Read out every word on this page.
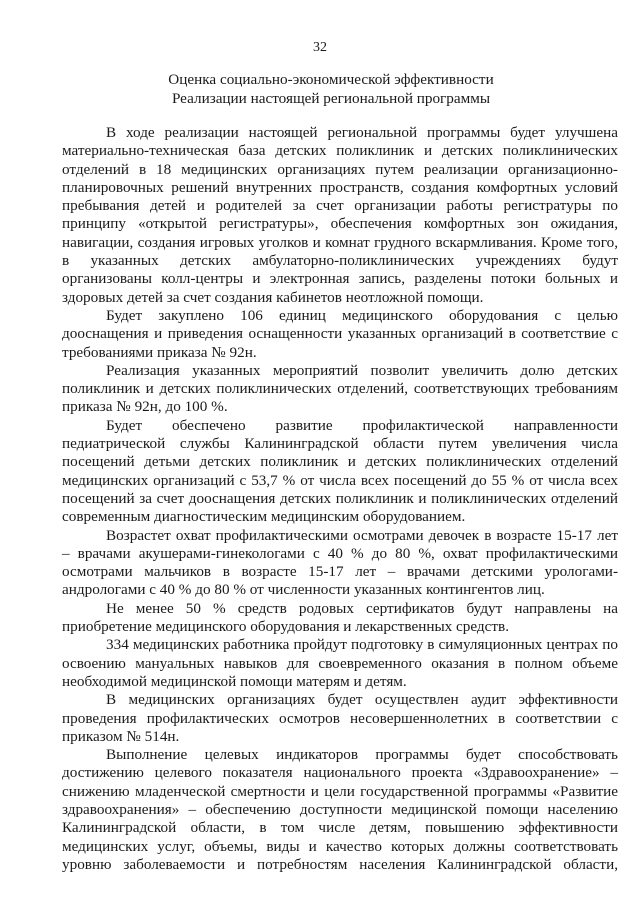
32
Оценка социально-экономической эффективности
Реализации настоящей региональной программы

В ходе реализации настоящей региональной программы будет улучшена материально-техническая база детских поликлиник и детских поликлинических отделений в 18 медицинских организациях путем реализации организационно-планировочных решений внутренних пространств, создания комфортных условий пребывания детей и родителей за счет организации работы регистратуры по принципу «открытой регистратуры», обеспечения комфортных зон ожидания, навигации, создания игровых уголков и комнат грудного вскармливания. Кроме того, в указанных детских амбулаторно-поликлинических учреждениях будут организованы колл-центры и электронная запись, разделены потоки больных и здоровых детей за счет создания кабинетов неотложной помощи.

Будет закуплено 106 единиц медицинского оборудования с целью дооснащения и приведения оснащенности указанных организаций в соответствие с требованиями приказа № 92н.

Реализация указанных мероприятий позволит увеличить долю детских поликлиник и детских поликлинических отделений, соответствующих требованиям приказа № 92н, до 100 %.

Будет обеспечено развитие профилактической направленности педиатрической службы Калининградской области путем увеличения числа посещений детьми детских поликлиник и детских поликлинических отделений медицинских организаций с 53,7 % от числа всех посещений до 55 % от числа всех посещений за счет дооснащения детских поликлиник и поликлинических отделений современным диагностическим медицинским оборудованием.

Возрастет охват профилактическими осмотрами девочек в возрасте 15-17 лет – врачами акушерами-гинекологами с 40 % до 80 %, охват профилактическими осмотрами мальчиков в возрасте 15-17 лет – врачами детскими урологами-андрологами с 40 % до 80 % от численности указанных контингентов лиц.

Не менее 50 % средств родовых сертификатов будут направлены на приобретение медицинского оборудования и лекарственных средств.

334 медицинских работника пройдут подготовку в симуляционных центрах по освоению мануальных навыков для своевременного оказания в полном объеме необходимой медицинской помощи матерям и детям.

В медицинских организациях будет осуществлен аудит эффективности проведения профилактических осмотров несовершеннолетних в соответствии с приказом № 514н.

Выполнение целевых индикаторов программы будет способствовать достижению целевого показателя национального проекта «Здравоохранение» – снижению младенческой смертности и цели государственной программы «Развитие здравоохранения» – обеспечению доступности медицинской помощи населению Калининградской области, в том числе детям, повышению эффективности медицинских услуг, объемы, виды и качество которых должны соответствовать уровню заболеваемости и потребностям населения Калининградской области,
